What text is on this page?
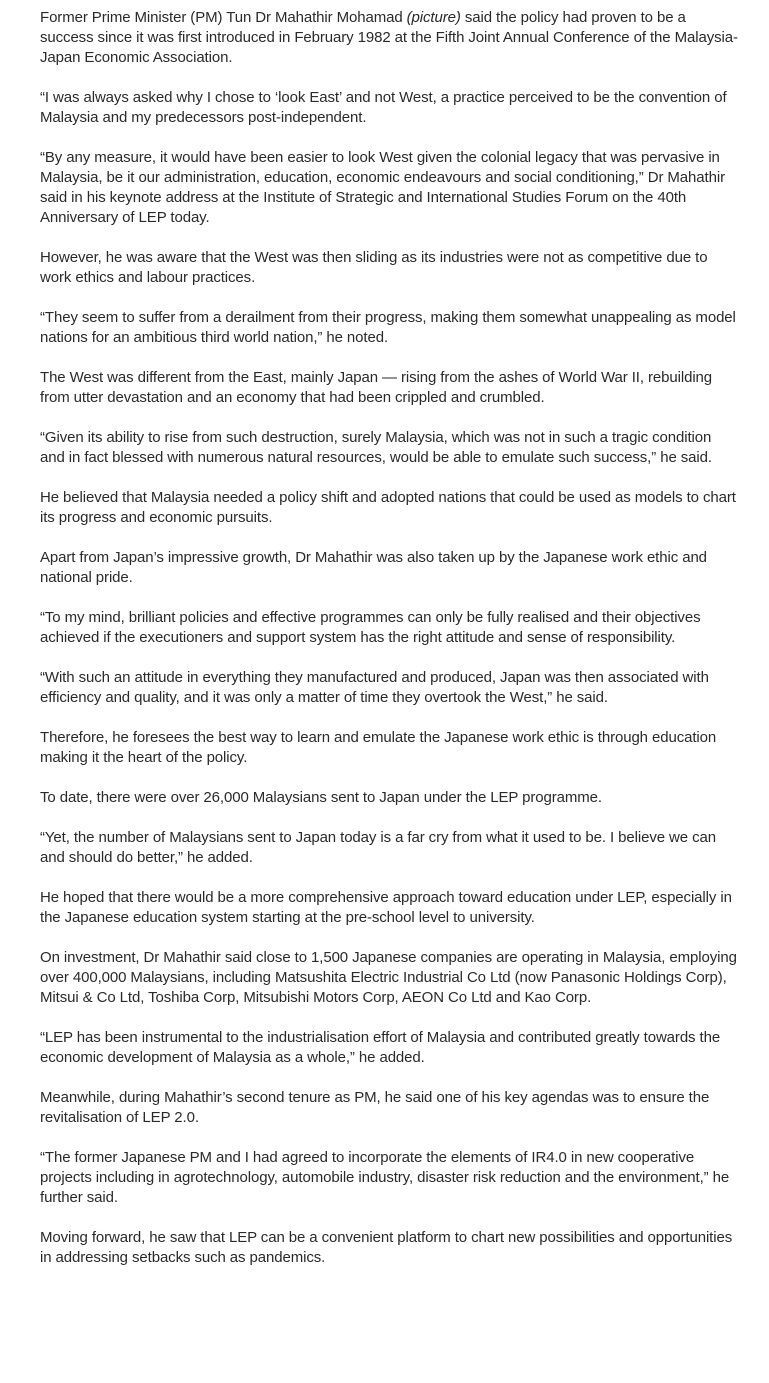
Former Prime Minister (PM) Tun Dr Mahathir Mohamad (picture) said the policy had proven to be a success since it was first introduced in February 1982 at the Fifth Joint Annual Conference of the Malaysia-Japan Economic Association.

“I was always asked why I chose to ‘look East’ and not West, a practice perceived to be the convention of Malaysia and my predecessors post-independent.

“By any measure, it would have been easier to look West given the colonial legacy that was pervasive in Malaysia, be it our administration, education, economic endeavours and social conditioning,” Dr Mahathir said in his keynote address at the Institute of Strategic and International Studies Forum on the 40th Anniversary of LEP today.

However, he was aware that the West was then sliding as its industries were not as competitive due to work ethics and labour practices.

“They seem to suffer from a derailment from their progress, making them somewhat unappealing as model nations for an ambitious third world nation,” he noted.

The West was different from the East, mainly Japan — rising from the ashes of World War II, rebuilding from utter devastation and an economy that had been crippled and crumbled.

“Given its ability to rise from such destruction, surely Malaysia, which was not in such a tragic condition and in fact blessed with numerous natural resources, would be able to emulate such success,” he said.

He believed that Malaysia needed a policy shift and adopted nations that could be used as models to chart its progress and economic pursuits.

Apart from Japan’s impressive growth, Dr Mahathir was also taken up by the Japanese work ethic and national pride.

“To my mind, brilliant policies and effective programmes can only be fully realised and their objectives achieved if the executioners and support system has the right attitude and sense of responsibility.

“With such an attitude in everything they manufactured and produced, Japan was then associated with efficiency and quality, and it was only a matter of time they overtook the West,” he said.

Therefore, he foresees the best way to learn and emulate the Japanese work ethic is through education making it the heart of the policy.

To date, there were over 26,000 Malaysians sent to Japan under the LEP programme.

“Yet, the number of Malaysians sent to Japan today is a far cry from what it used to be. I believe we can and should do better,” he added.

He hoped that there would be a more comprehensive approach toward education under LEP, especially in the Japanese education system starting at the pre-school level to university.

On investment, Dr Mahathir said close to 1,500 Japanese companies are operating in Malaysia, employing over 400,000 Malaysians, including Matsushita Electric Industrial Co Ltd (now Panasonic Holdings Corp), Mitsui & Co Ltd, Toshiba Corp, Mitsubishi Motors Corp, AEON Co Ltd and Kao Corp.

“LEP has been instrumental to the industrialisation effort of Malaysia and contributed greatly towards the economic development of Malaysia as a whole,” he added.

Meanwhile, during Mahathir’s second tenure as PM, he said one of his key agendas was to ensure the revitalisation of LEP 2.0.

“The former Japanese PM and I had agreed to incorporate the elements of IR4.0 in new cooperative projects including in agrotechnology, automobile industry, disaster risk reduction and the environment,” he further said.

Moving forward, he saw that LEP can be a convenient platform to chart new possibilities and opportunities in addressing setbacks such as pandemics.
